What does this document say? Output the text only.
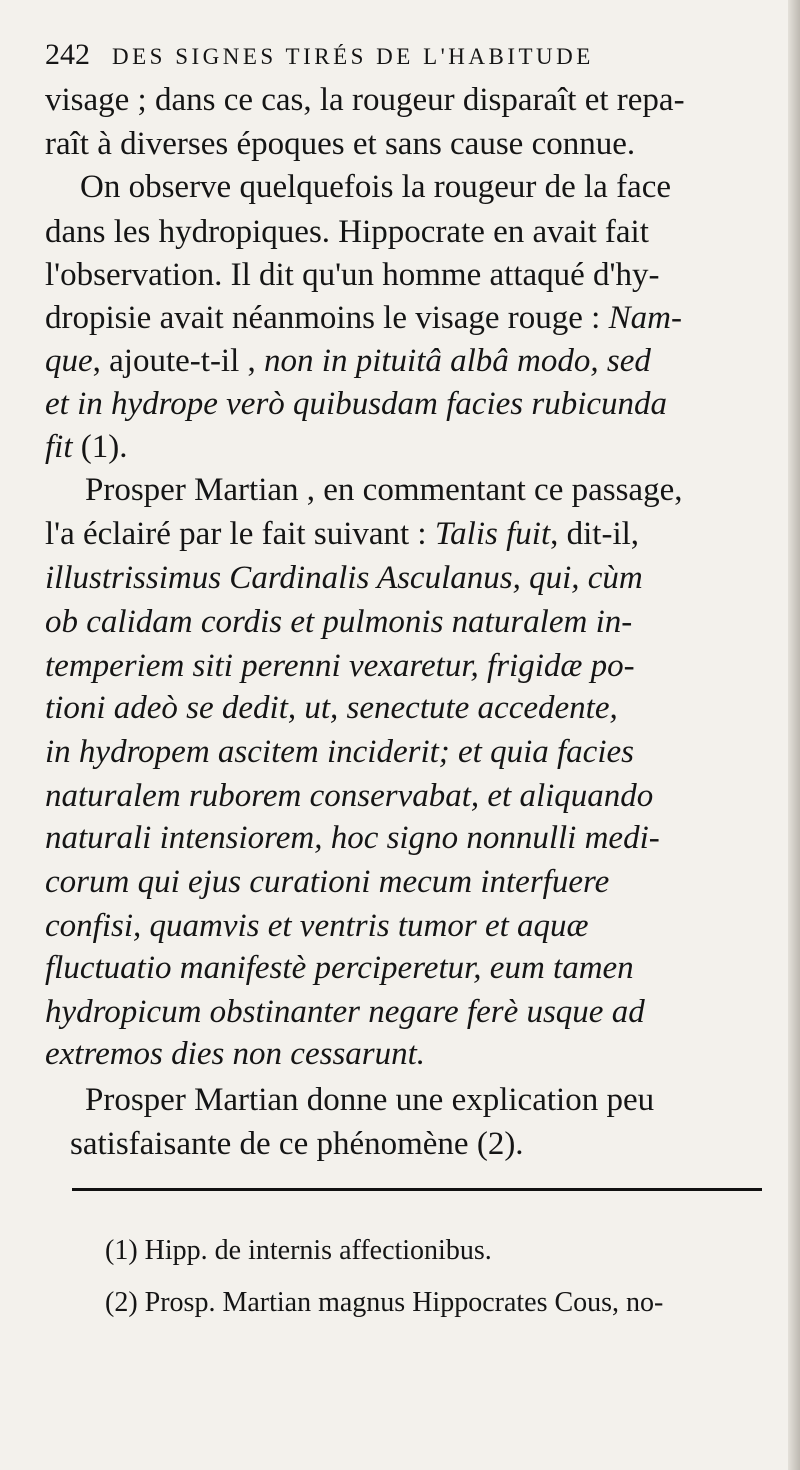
242 DES SIGNES TIRÉS DE L'HABITUDE
visage ; dans ce cas, la rougeur disparaît et repa-
raît à diverses époques et sans cause connue.
On observe quelquefois la rougeur de la face
dans les hydropiques. Hippocrate en avait fait
l'observation. Il dit qu'un homme attaqué d'hy-
dropisie avait néanmoins le visage rouge : Nam-
que, ajoute-t-il , non in pituitâ albâ modo, sed
et in hydrope verò quibusdam facies rubicunda
fit (1).
Prosper Martian , en commentant ce passage,
l'a éclairé par le fait suivant : Talis fuit, dit-il,
illustrissimus Cardinalis Asculanus, qui, cùm
ob calidam cordis et pulmonis naturalem in-
temperiem siti perenni vexaretur, frigidæ po-
tioni adeò se dedit, ut, senectute accedente,
in hydropem ascitem inciderit; et quia facies
naturalem ruborem conservabat, et aliquando
naturali intensiorem, hoc signo nonnulli medi-
corum qui ejus curationi mecum interfuere
confisi, quamvis et ventris tumor et aquæ
fluctuatio manifestè perciperetur, eum tamen
hydropicum obstinanter negare ferè usque ad
extremos dies non cessarunt.
Prosper Martian donne une explication peu
satisfaisante de ce phénomène (2).
(1) Hipp. de internis affectionibus.
(2) Prosp. Martian magnus Hippocrates Cous, no-
